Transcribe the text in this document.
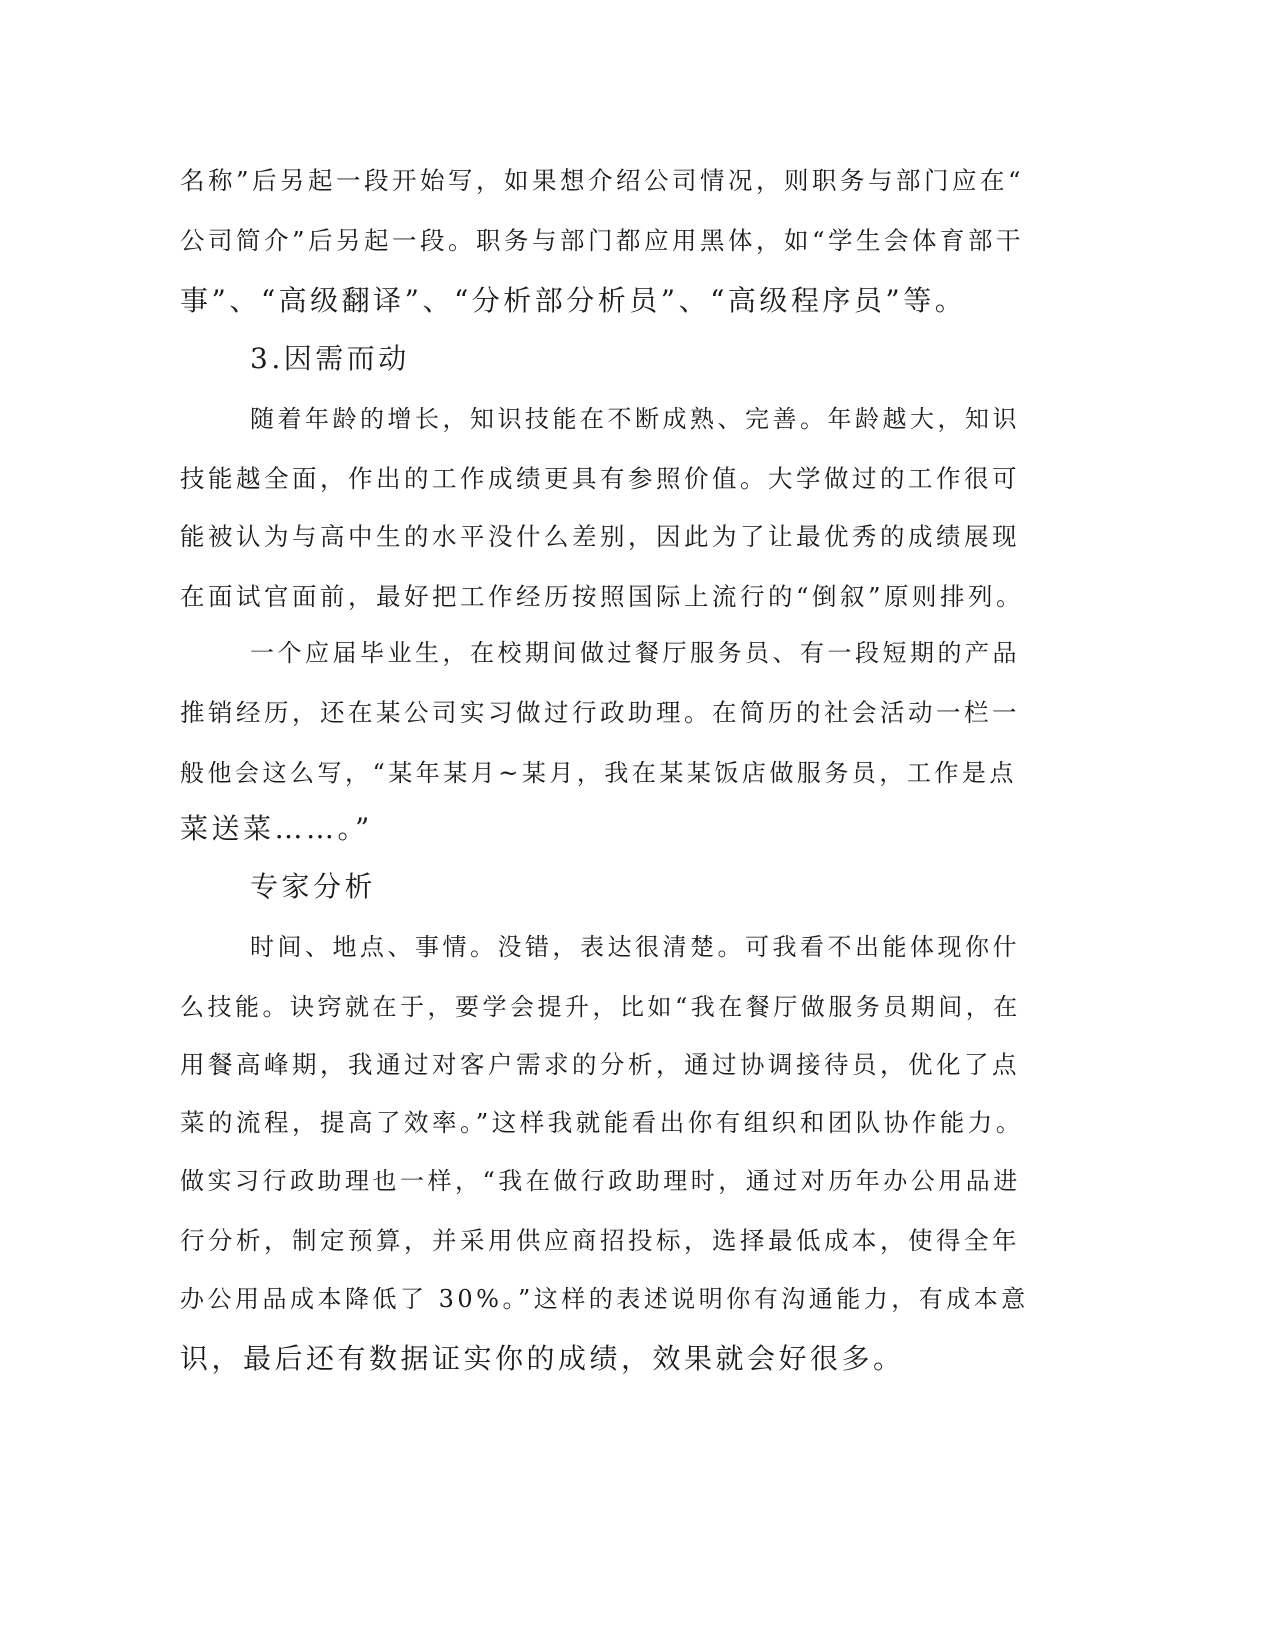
名称”后另起一段开始写，如果想介绍公司情况，则职务与部门应在“
公司简介”后另起一段。职务与部门都应用黑体，如“学生会体育部干
事”、“高级翻译”、“分析部分析员”、“高级程序员”等。
3.因需而动
随着年龄的增长，知识技能在不断成熟、完善。年龄越大，知识
技能越全面，作出的工作成绩更具有参照价值。大学做过的工作很可
能被认为与高中生的水平没什么差别，因此为了让最优秀的成绩展现
在面试官面前，最好把工作经历按照国际上流行的“倒叙”原则排列。
一个应届毕业生，在校期间做过餐厅服务员、有一段短期的产品
推销经历，还在某公司实习做过行政助理。在简历的社会活动一栏一
般他会这么写，“某年某月~某月，我在某某饭店做服务员，工作是点
菜送菜……。”
专家分析
时间、地点、事情。没错，表达很清楚。可我看不出能体现你什
么技能。诀窍就在于，要学会提升，比如“我在餐厅做服务员期间，在
用餐高峰期，我通过对客户需求的分析，通过协调接待员，优化了点
菜的流程，提高了效率。”这样我就能看出你有组织和团队协作能力。
做实习行政助理也一样，“我在做行政助理时，通过对历年办公用品进
行分析，制定预算，并采用供应商招投标，选择最低成本，使得全年
办公用品成本降低了 30%。”这样的表述说明你有沟通能力，有成本意
识，最后还有数据证实你的成绩，效果就会好很多。
